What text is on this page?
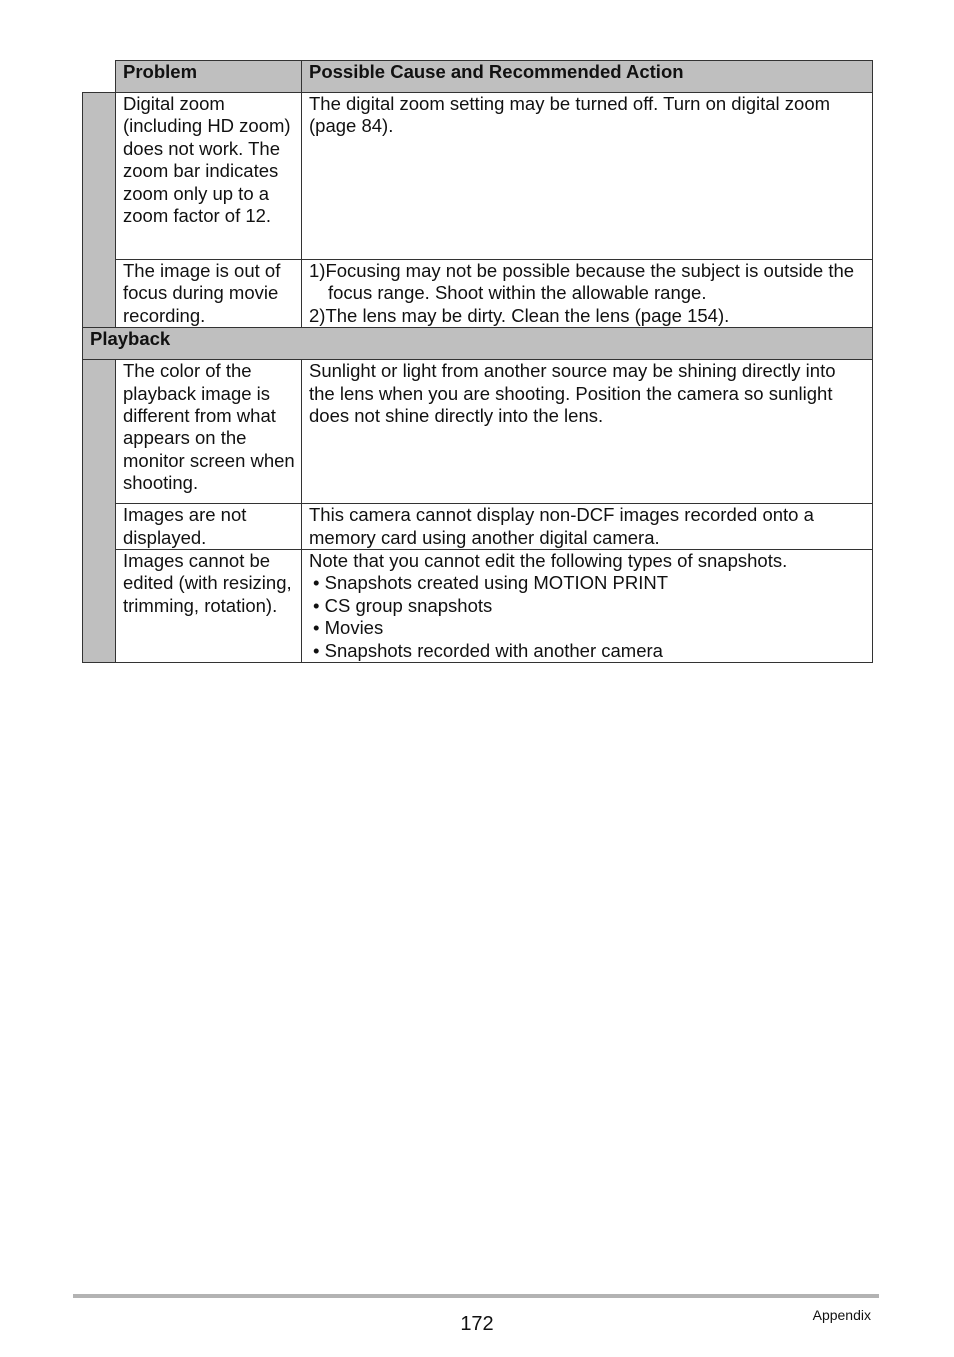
	Problem	Possible Cause and Recommended Action
	Digital zoom (including HD zoom) does not work. The zoom bar indicates zoom only up to a zoom factor of 12.	The digital zoom setting may be turned off. Turn on digital zoom (page 84).
	The image is out of focus during movie recording.	1)Focusing may not be possible because the subject is outside the focus range. Shoot within the allowable range.
2)The lens may be dirty. Clean the lens (page 154).

Playback		
	The color of the playback image is different from what appears on the monitor screen when shooting.	Sunlight or light from another source may be shining directly into the lens when you are shooting. Position the camera so sunlight does not shine directly into the lens.
	Images are not displayed.	This camera cannot display non-DCF images recorded onto a memory card using another digital camera.
	Images cannot be edited (with resizing, trimming, rotation).	Note that you cannot edit the following types of snapshots.
• Snapshots created using MOTION PRINT
• CS group snapshots
• Movies
• Snapshots recorded with another camera
172	Appendix
